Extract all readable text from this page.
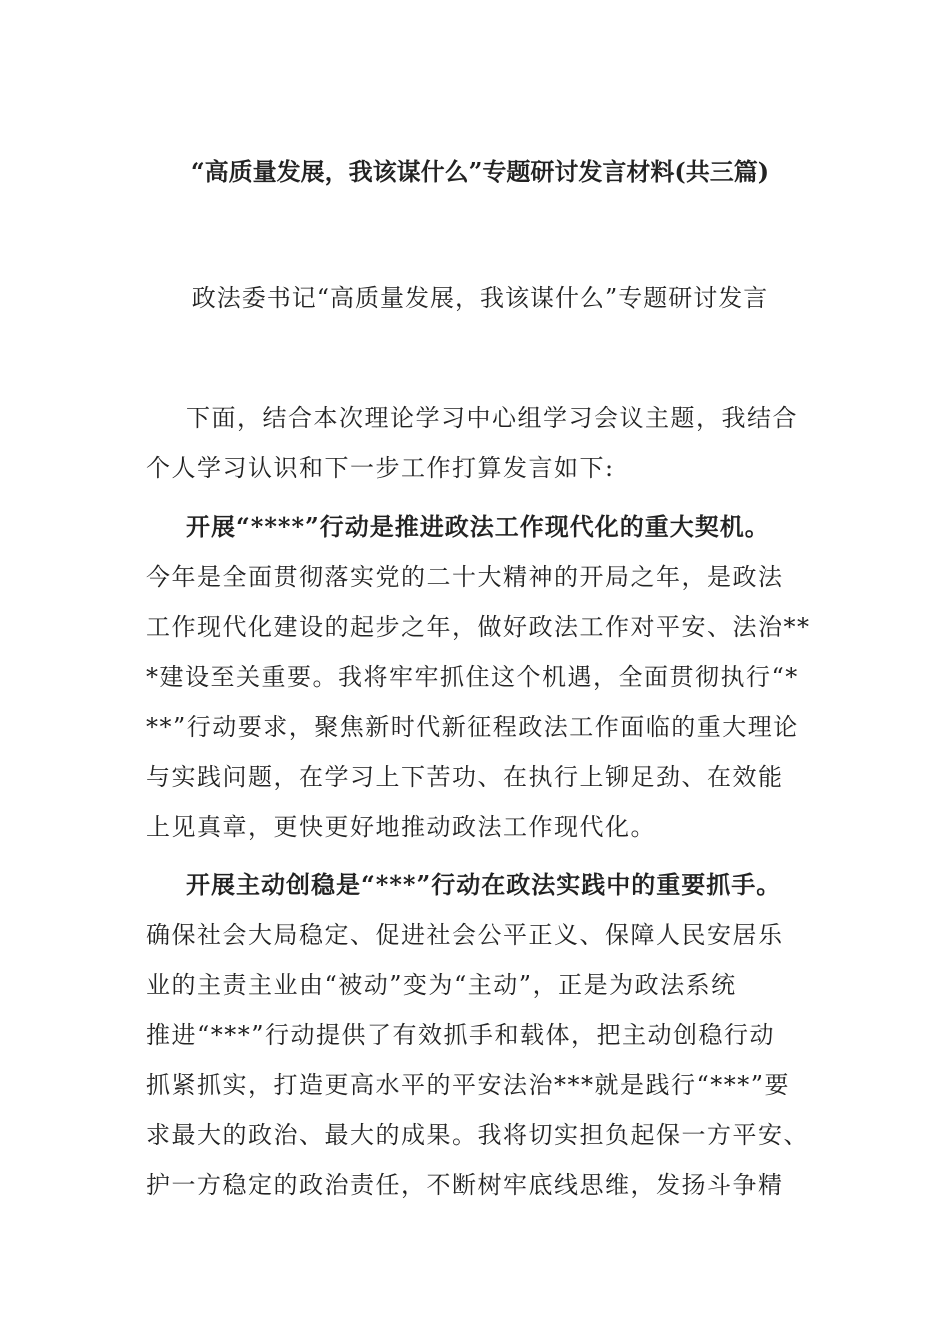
“高质量发展，我该谋什么”专题研讨发言材料(共三篇)
政法委书记“高质量发展，我该谋什么”专题研讨发言
下面，结合本次理论学习中心组学习会议主题，我结合
个人学习认识和下一步工作打算发言如下:
开展“****”行动是推进政法工作现代化的重大契机。
今年是全面贯彻落实党的二十大精神的开局之年，是政法
工作现代化建设的起步之年，做好政法工作对平安、法治**
*建设至关重要。我将牢牢抓住这个机遇，全面贯彻执行“*
**”行动要求，聚焦新时代新征程政法工作面临的重大理论
与实践问题，在学习上下苦功、在执行上铆足劲、在效能
上见真章，更快更好地推动政法工作现代化。
开展主动创稳是“***”行动在政法实践中的重要抓手。
确保社会大局稳定、促进社会公平正义、保障人民安居乐
业的主责主业由“被动”变为“主动”，正是为政法系统
推进“***”行动提供了有效抓手和载体，把主动创稳行动
抓紧抓实，打造更高水平的平安法治***就是践行“***”要
求最大的政治、最大的成果。我将切实担负起保一方平安、
护一方稳定的政治责任，不断树牢底线思维，发扬斗争精
